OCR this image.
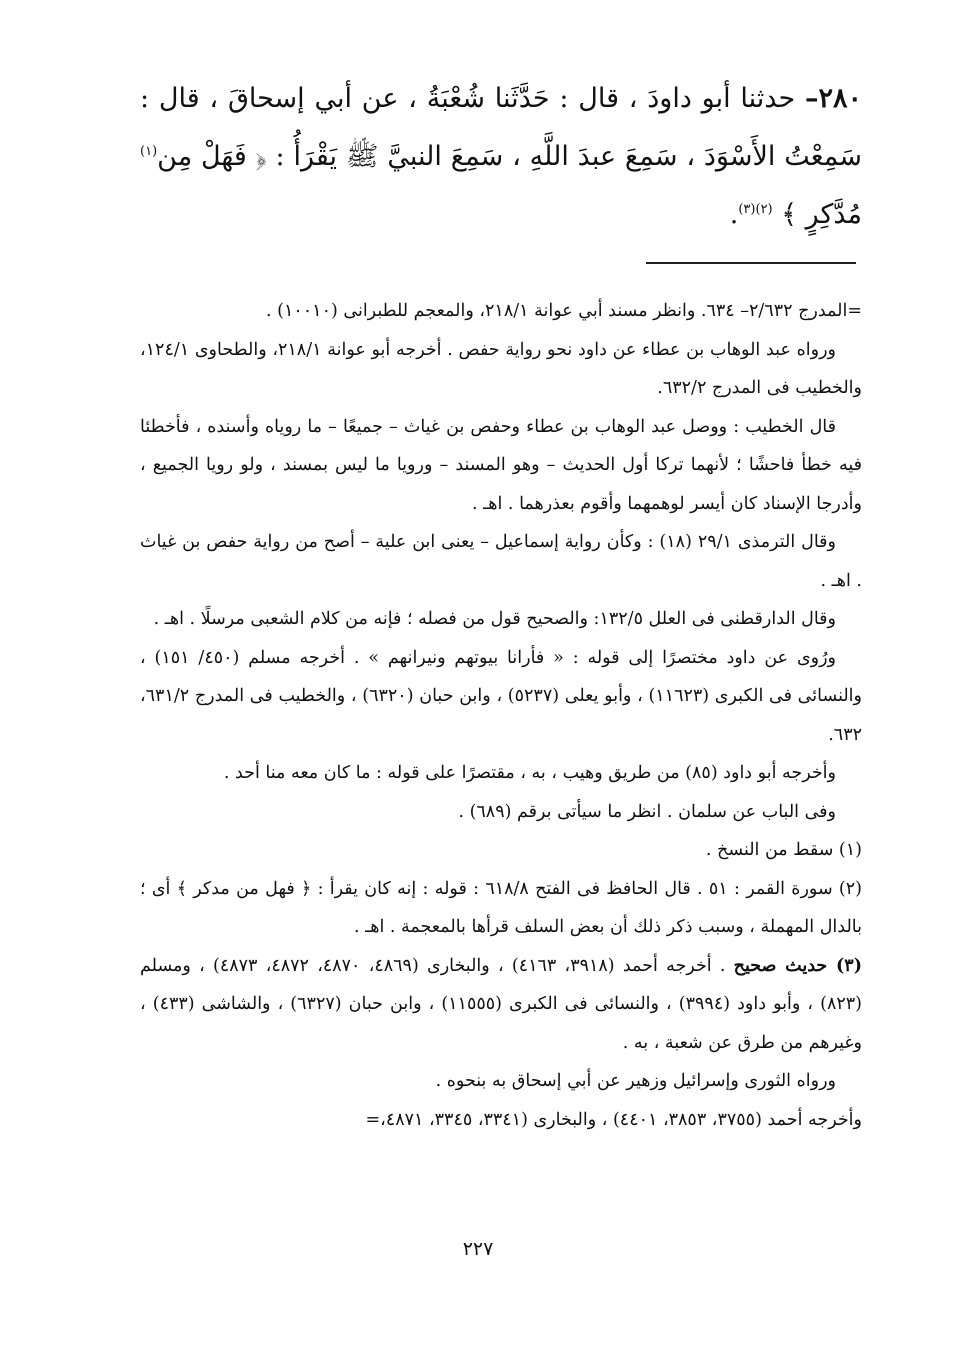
٢٨٠– حدثنا أبو داودَ ، قال : حَدَّثَنا شُعْبَةُ ، عن أبي إسحاقَ ، قال : سَمِعْتُ الأَسْوَدَ ، سَمِعَ عبدَ اللَّهِ ، سَمِعَ النبيَّ ﷺ يَقْرَأُ : ﴿ فَهَلْ مِن$^{(١)}$ مُدَّكِرٍ ﴾ $^{(٢)(٣)}$.

=المدرج ٢/٦٣٢– ٦٣٤. وانظر مسند أبي عوانة ٢١٨/١، والمعجم للطبرانى (١٠٠١٠) .

ورواه عبد الوهاب بن عطاء عن داود نحو رواية حفص . أخرجه أبو عوانة ٢١٨/١، والطحاوى ١٢٤/١، والخطيب فى المدرج ٦٣٢/٢.

قال الخطيب : ووصل عبد الوهاب بن عطاء وحفص بن غياث – جميعًا – ما روياه وأسنده ، فأخطئا فيه خطأ فاحشًا ؛ لأنهما تركا أول الحديث – وهو المسند – ورويا ما ليس بمسند ، ولو رويا الجميع ، وأدرجا الإسناد كان أيسر لوهمهما وأقوم بعذرهما . اهـ .

وقال الترمذى ٢٩/١ (١٨) : وكأن رواية إسماعيل – يعنى ابن علية – أصح من رواية حفص بن غياث . اهـ .

وقال الدارقطنى فى العلل ١٣٢/٥: والصحيح قول من فصله ؛ فإنه من كلام الشعبى مرسلًا . اهـ .

ورُوى عن داود مختصرًا إلى قوله : « فأرانا بيوتهم ونيرانهم » . أخرجه مسلم (٤٥٠/ ١٥١) ، والنسائى فى الكبرى (١١٦٢٣) ، وأبو يعلى (٥٢٣٧) ، وابن حبان (٦٣٢٠) ، والخطيب فى المدرج ٦٣١/٢، ٦٣٢.

وأخرجه أبو داود (٨٥) من طريق وهيب ، به ، مقتصرًا على قوله : ما كان معه منا أحد .

وفى الباب عن سلمان . انظر ما سيأتى برقم (٦٨٩) .

(١) سقط من النسخ .

(٢) سورة القمر : ٥١ . قال الحافظ فى الفتح ٦١٨/٨ : قوله : إنه كان يقرأ : ﴿ فهل من مدكر ﴾ أى ؛ بالدال المهملة ، وسبب ذكر ذلك أن بعض السلف قرأها بالمعجمة . اهـ .

(٣) حديث صحيح . أخرجه أحمد (٣٩١٨، ٤١٦٣) ، والبخارى (٤٨٦٩، ٤٨٧٠، ٤٨٧٢، ٤٨٧٣) ، ومسلم (٨٢٣) ، وأبو داود (٣٩٩٤) ، والنسائى فى الكبرى (١١٥٥٥) ، وابن حبان (٦٣٢٧) ، والشاشى (٤٣٣) ، وغيرهم من طرق عن شعبة ، به .

ورواه الثورى وإسرائيل وزهير عن أبي إسحاق به بنحوه .

وأخرجه أحمد (٣٧٥٥، ٣٨٥٣، ٤٤٠١) ، والبخارى (٣٣٤١، ٣٣٤٥، ٤٨٧١،=

٢٢٧
